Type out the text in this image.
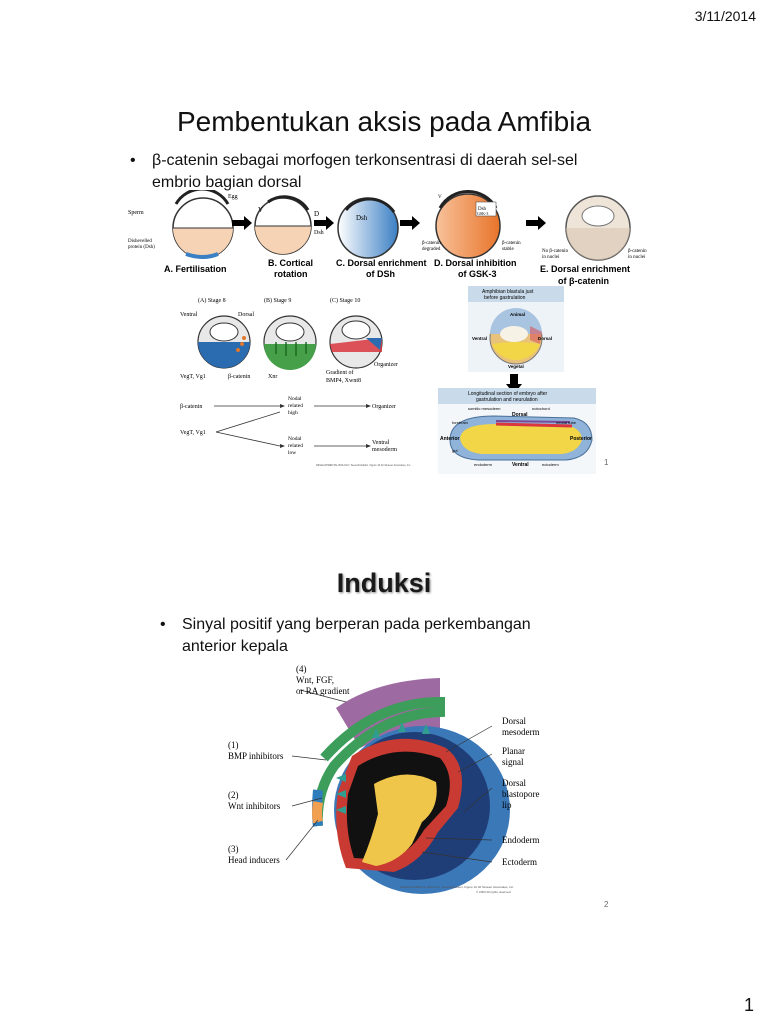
3/11/2014
Pembentukan aksis pada Amfibia
• β-catenin sebagai morfogen terkonsentrasi di daerah sel-sel
embrio bagian dorsal
Sperm
Egg
Dishevelled
protein (Dsh)
V	D
Dsh
Dsh
V
Dsh
GSK-3
β-catenin
degraded
β-catenin
stable	No β-catenin
in nuclei
β-catenin
in nuclei
A. Fertilisation
B. Cortical
rotation
C. Dorsal enrichment
of DSh
D. Dorsal inhibition
of GSK-3	E. Dorsal enrichment
of β-catenin
(A) Stage 8	(B) Stage 9	(C) Stage 10
Ventral	Dorsal
Organizer
VegT, Vg1	β-catenin	Xnr
Gradient of
BMP4, Xwnt8
β-catenin
VegT, Vg1
Nodal
related
high
Nodal
related
low
Organizer
Ventral
mesoderm
DEVELOPMENTAL BIOLOGY, Seventh Edition, Figure 10.22 Sinauer Associates, Inc.
Amphibian blastula just
before gastrulation
Animal
Ventral	Dorsal
Vegetal
Longitudinal section of embryo after
gastrulation and neurulation
somitic mesoderm	notochord
Dorsal
forebrain	neural tube
Anterior	Posterior
gut
endoderm	Ventral	ectoderm	1
Induksi
• Sinyal positif yang berperan pada perkembangan
anterior kepala
(4)
Wnt, FGF,
or RA gradient
(1)
BMP inhibitors
(2)
Wnt inhibitors
(3)
Head inducers
Dorsal
mesoderm
Planar
signal
Dorsal
blastopore
lip
Endoderm
Ectoderm
DEVELOPMENTAL BIOLOGY, Seventh Edition, Figure 10.40 Sinauer Associates, Inc.
© 2003 All rights reserved.
2
1
